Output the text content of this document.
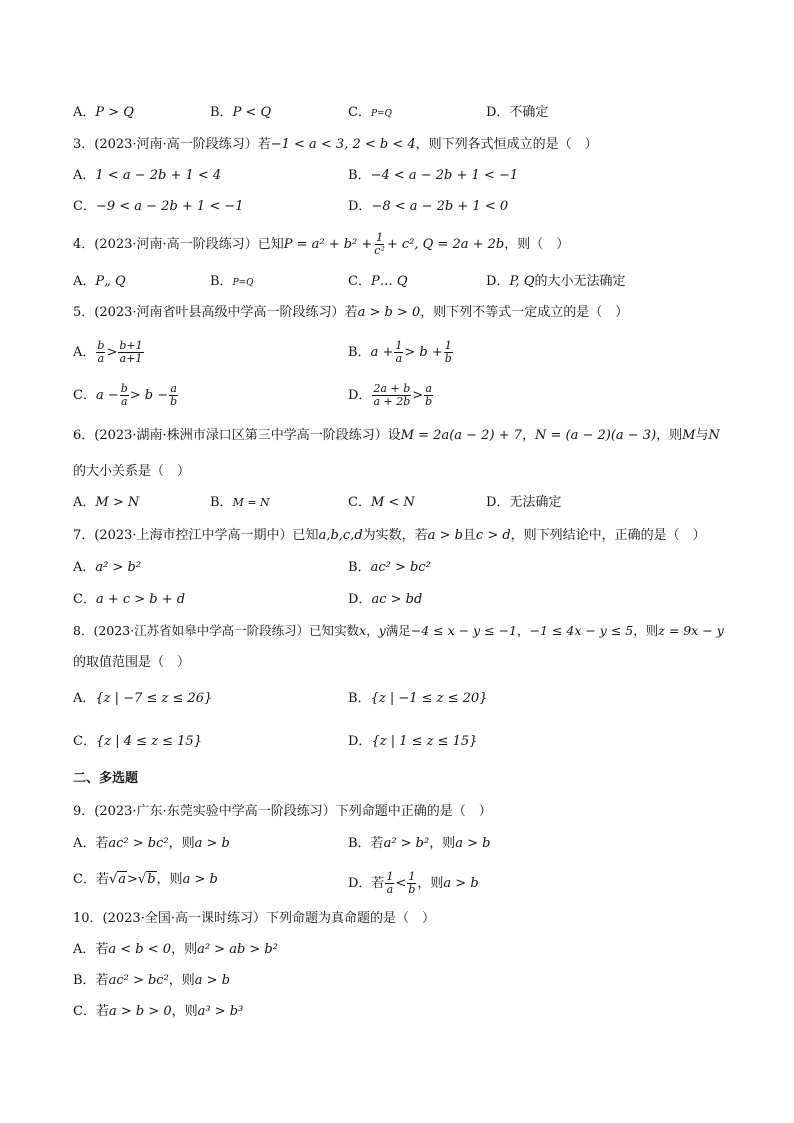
A．P > Q	B．P < Q	C．P=Q	D．不确定
3．(2023·河南·高一阶段练习）若−1 < a < 3, 2 < b < 4，则下列各式恒成立的是（　）
A．1 < a − 2b + 1 < 4	B．−4 < a − 2b + 1 < −1
C．−9 < a − 2b + 1 < −1	D．−8 < a − 2b + 1 < 0
4．(2023·河南·高一阶段练习）已知$P = a^2 + b^2 + \frac{1}{\text{c²}} + c^2$, Q = 2a + 2b，则（　）
A．P„ Q	B．P=Q	C．P… Q	D．P, Q的大小无法确定
5．(2023·河南省叶县高级中学高一阶段练习）若a > b > 0，则下列不等式一定成立的是（　）
A． $\frac{b}{a} > \frac{b+1}{a+1}$	B．$a + \frac{1}{a} > b + \frac{1}{b}$
C．$a - \frac{b}{a} > b - \frac{a}{b}$	D． $\frac{2a + b}{a + 2b} > \frac{a}{b}$
6．(2023·湖南·株洲市渌口区第三中学高一阶段练习）设M = 2a(a − 2) + 7，N = (a − 2)(a − 3)，则M与N
的大小关系是（　）
A．M > N	B．M = N	C．M < N	D．无法确定
7．(2023·上海市控江中学高一期中）已知a,b,c,d为实数，若a > b且c > d，则下列结论中，正确的是（　）
A．a² > b²	B．ac² > bc²
C．a + c > b + d	D．ac > bd
8．(2023·江苏省如皋中学高一阶段练习）已知实数x，y满足−4 ≤ x − y ≤ −1，−1 ≤ 4x − y ≤ 5，则z = 9x − y
的取值范围是（　）
A．{z | −7 ≤ z ≤ 26}	B．{z | −1 ≤ z ≤ 20}
C．{z | 4 ≤ z ≤ 15}	D．{z | 1 ≤ z ≤ 15}
二、多选题
9．(2023·广东·东莞实验中学高一阶段练习）下列命题中正确的是（　）
A．若ac² > bc²，则a > b	B．若a² > b²，则a > b
C．若√a>√b，则a > b	D．若 $\frac{1}{a} < \frac{1}{b}$ ，则a > b
10．(2023·全国·高一课时练习）下列命题为真命题的是（　）
A．若a < b < 0，则a² > ab > b²
B．若ac² > bc²，则a > b
C．若a > b > 0，则a³ > b³
